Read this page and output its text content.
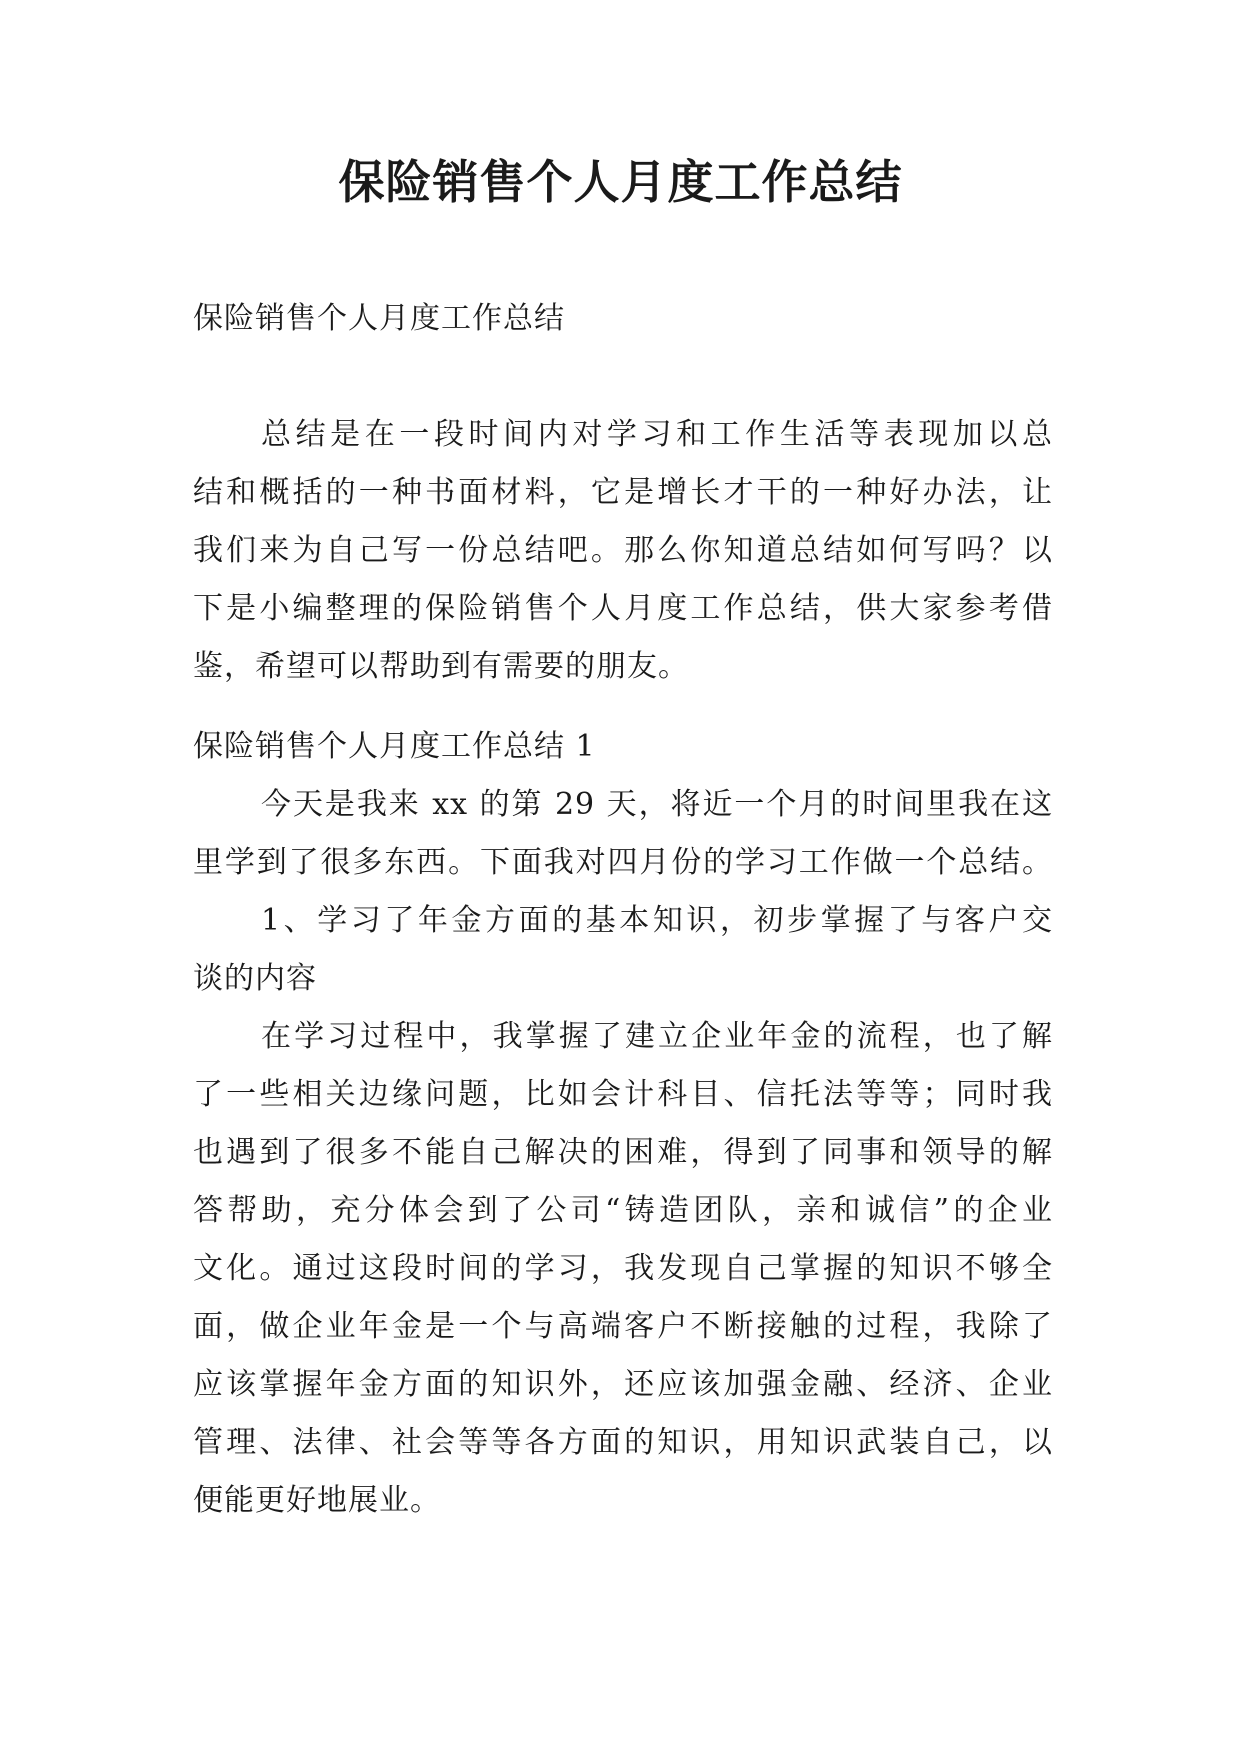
保险销售个人月度工作总结
保险销售个人月度工作总结
总结是在一段时间内对学习和工作生活等表现加以总
结和概括的一种书面材料，它是增长才干的一种好办法，让
我们来为自己写一份总结吧。那么你知道总结如何写吗？以
下是小编整理的保险销售个人月度工作总结，供大家参考借
鉴，希望可以帮助到有需要的朋友。
保险销售个人月度工作总结 1
今天是我来 xx 的第 29 天，将近一个月的时间里我在这
里学到了很多东西。下面我对四月份的学习工作做一个总结。
1、学习了年金方面的基本知识，初步掌握了与客户交
谈的内容
在学习过程中，我掌握了建立企业年金的流程，也了解
了一些相关边缘问题，比如会计科目、信托法等等；同时我
也遇到了很多不能自己解决的困难，得到了同事和领导的解
答帮助，充分体会到了公司“铸造团队，亲和诚信”的企业
文化。通过这段时间的学习，我发现自己掌握的知识不够全
面，做企业年金是一个与高端客户不断接触的过程，我除了
应该掌握年金方面的知识外，还应该加强金融、经济、企业
管理、法律、社会等等各方面的知识，用知识武装自己，以
便能更好地展业。
